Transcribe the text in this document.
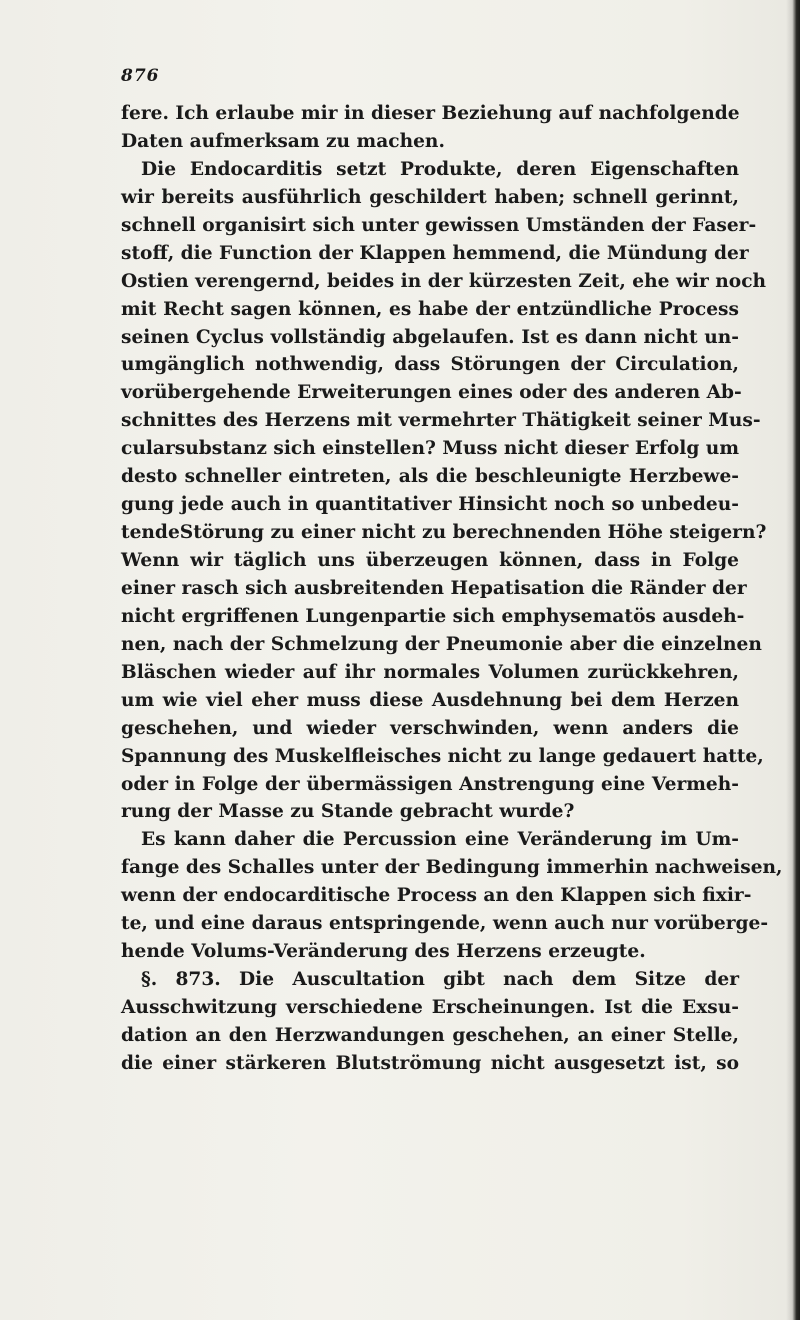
876
fere. Ich erlaube mir in dieser Beziehung auf nachfolgende
Daten aufmerksam zu machen.
Die Endocarditis setzt Produkte, deren Eigenschaften
wir bereits ausführlich geschildert haben; schnell gerinnt,
schnell organisirt sich unter gewissen Umständen der Faser-
stoff, die Function der Klappen hemmend, die Mündung der
Ostien verengernd, beides in der kürzesten Zeit, ehe wir noch
mit Recht sagen können, es habe der entzündliche Process
seinen Cyclus vollständig abgelaufen. Ist es dann nicht un-
umgänglich nothwendig, dass Störungen der Circulation,
vorübergehende Erweiterungen eines oder des anderen Ab-
schnittes des Herzens mit vermehrter Thätigkeit seiner Mus-
cularsubstanz sich einstellen? Muss nicht dieser Erfolg um
desto schneller eintreten, als die beschleunigte Herzbewe-
gung jede auch in quantitativer Hinsicht noch so unbedeu-
tendeStörung zu einer nicht zu berechnenden Höhe steigern?
Wenn wir täglich uns überzeugen können, dass in Folge
einer rasch sich ausbreitenden Hepatisation die Ränder der
nicht ergriffenen Lungenpartie sich emphysematös ausdeh-
nen, nach der Schmelzung der Pneumonie aber die einzelnen
Bläschen wieder auf ihr normales Volumen zurückkehren,
um wie viel eher muss diese Ausdehnung bei dem Herzen
geschehen, und wieder verschwinden, wenn anders die
Spannung des Muskelfleisches nicht zu lange gedauert hatte,
oder in Folge der übermässigen Anstrengung eine Vermeh-
rung der Masse zu Stande gebracht wurde?
Es kann daher die Percussion eine Veränderung im Um-
fange des Schalles unter der Bedingung immerhin nachweisen,
wenn der endocarditische Process an den Klappen sich fixir-
te, und eine daraus entspringende, wenn auch nur vorüberge-
hende Volums-Veränderung des Herzens erzeugte.
§. 873. Die Auscultation gibt nach dem Sitze der
Ausschwitzung verschiedene Erscheinungen. Ist die Exsu-
dation an den Herzwandungen geschehen, an einer Stelle,
die einer stärkeren Blutströmung nicht ausgesetzt ist, so
